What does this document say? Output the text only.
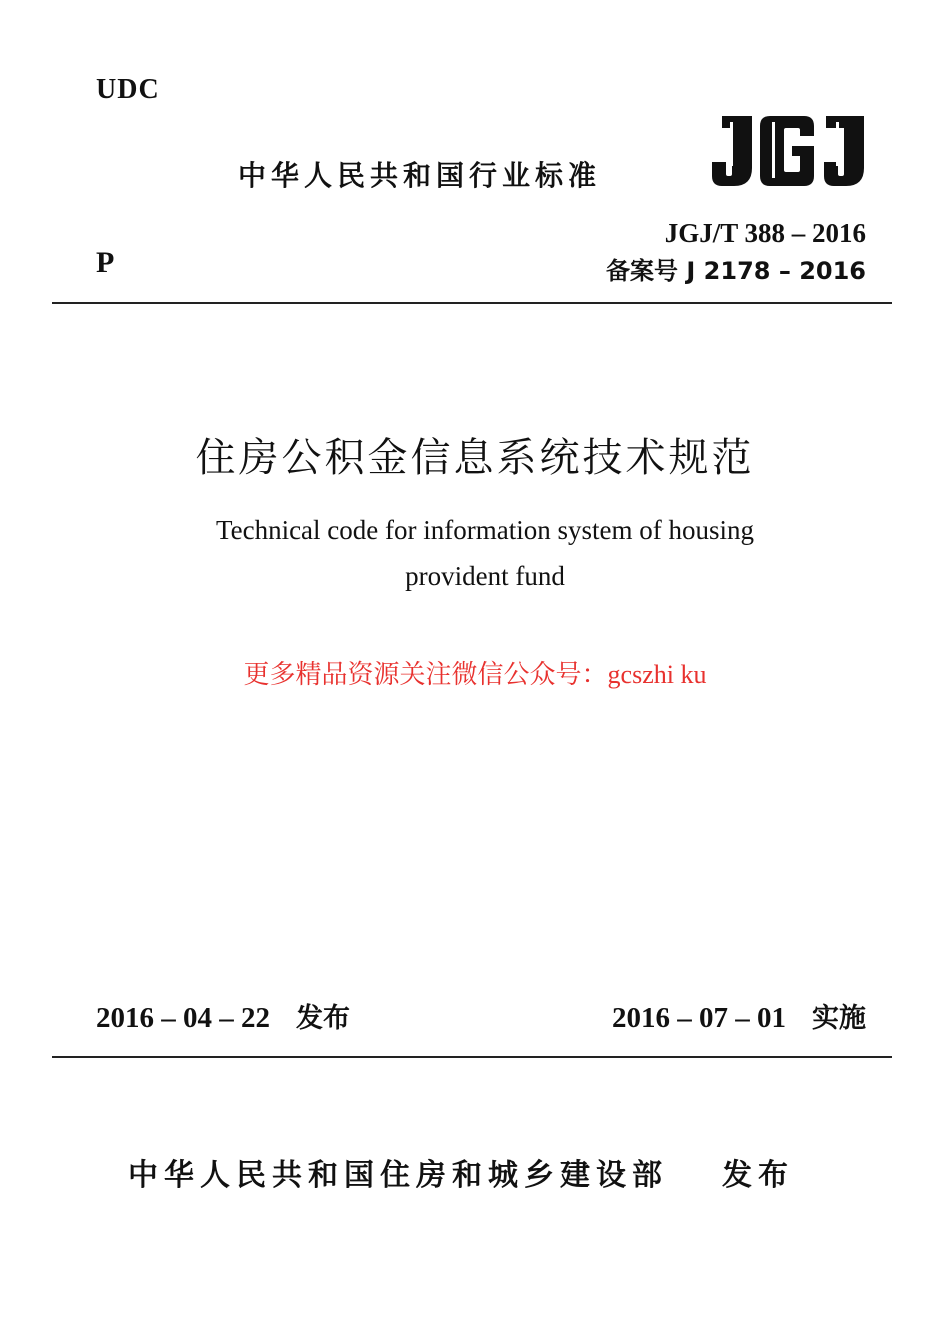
UDC
中华人民共和国行业标准
JGJ/T 388 – 2016
备案号 J 2178 – 2016
P
住房公积金信息系统技术规范
Technical code for information system of housing
provident fund
更多精品资源关注微信公众号：gcszhi ku
2016 – 04 – 22 发布	2016 – 07 – 01 实施
中华人民共和国住房和城乡建设部 发布
